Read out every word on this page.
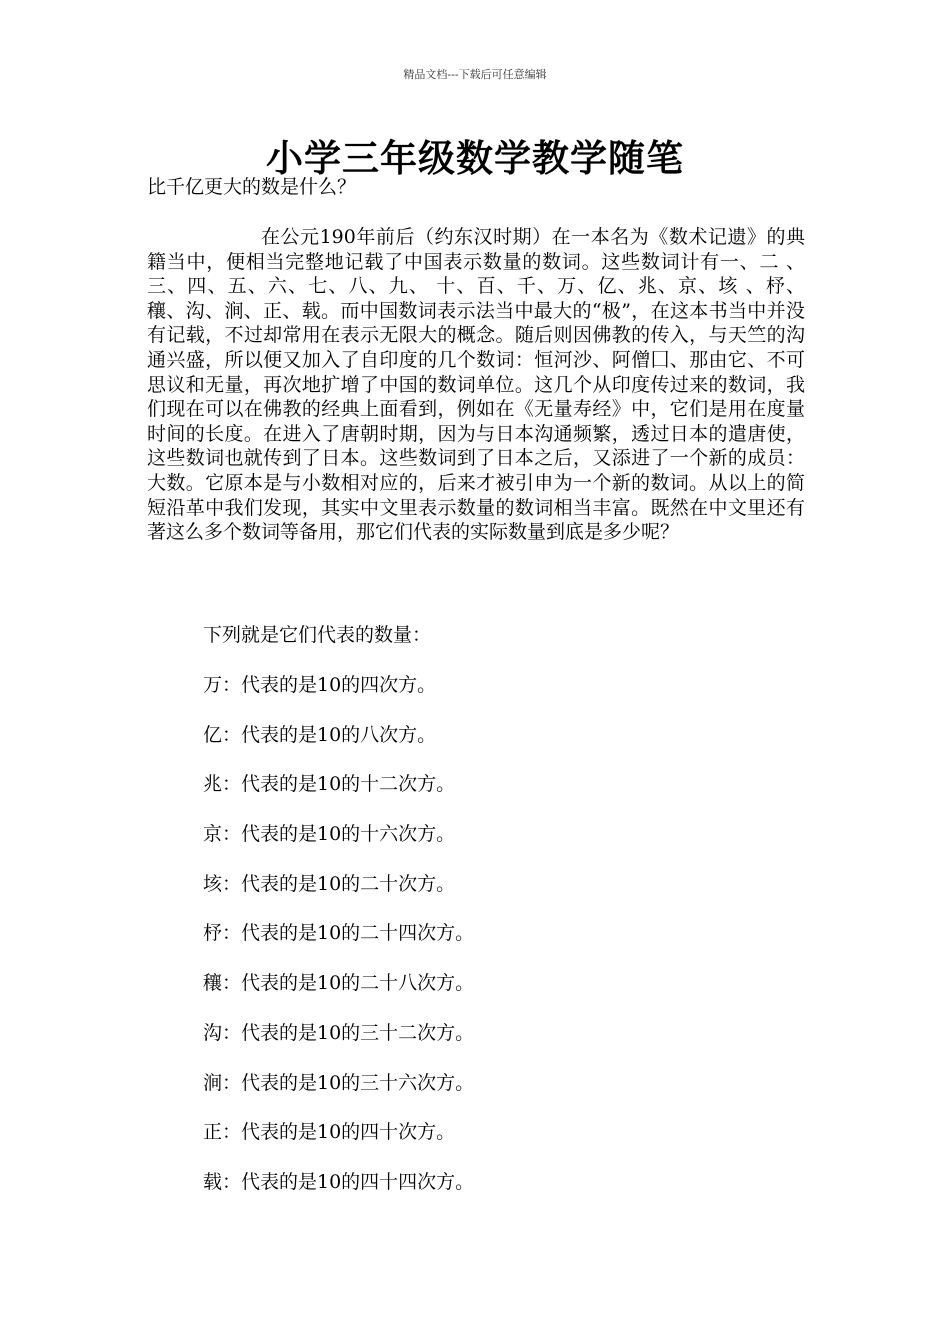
精品文档---下载后可任意编辑
小学三年级数学教学随笔

比千亿更大的数是什么？

在公元190年前后（约东汉时期）在一本名为《数术记遗》的典籍当中，便相当完整地记载了中国表示数量的数词。这些数词计有一、二 、三、四、五、六、七、八、九、 十、百、千、万、亿、兆、京、垓 、杼、穰、沟、涧、正、载。而中国数词表示法当中最大的“极”，在这本书当中并没有记载，不过却常用在表示无限大的概念。随后则因佛教的传入，与天竺的沟通兴盛，所以便又加入了自印度的几个数词：恒河沙、阿僧囗、那由它、不可思议和无量，再次地扩增了中国的数词单位。这几个从印度传过来的数词，我们现在可以在佛教的经典上面看到，例如在《无量寿经》中，它们是用在度量时间的长度。在进入了唐朝时期，因为与日本沟通频繁，透过日本的遣唐使，这些数词也就传到了日本。这些数词到了日本之后，又添进了一个新的成员：大数。它原本是与小数相对应的，后来才被引申为一个新的数词。从以上的简短沿革中我们发现，其实中文里表示数量的数词相当丰富。既然在中文里还有著这么多个数词等备用，那它们代表的实际数量到底是多少呢？

下列就是它们代表的数量：

万：代表的是10的四次方。
亿：代表的是10的八次方。
兆：代表的是10的十二次方。
京：代表的是10的十六次方。
垓：代表的是10的二十次方。
杼：代表的是10的二十四次方。
穰：代表的是10的二十八次方。
沟：代表的是10的三十二次方。
涧：代表的是10的三十六次方。
正：代表的是10的四十次方。
载：代表的是10的四十四次方。
